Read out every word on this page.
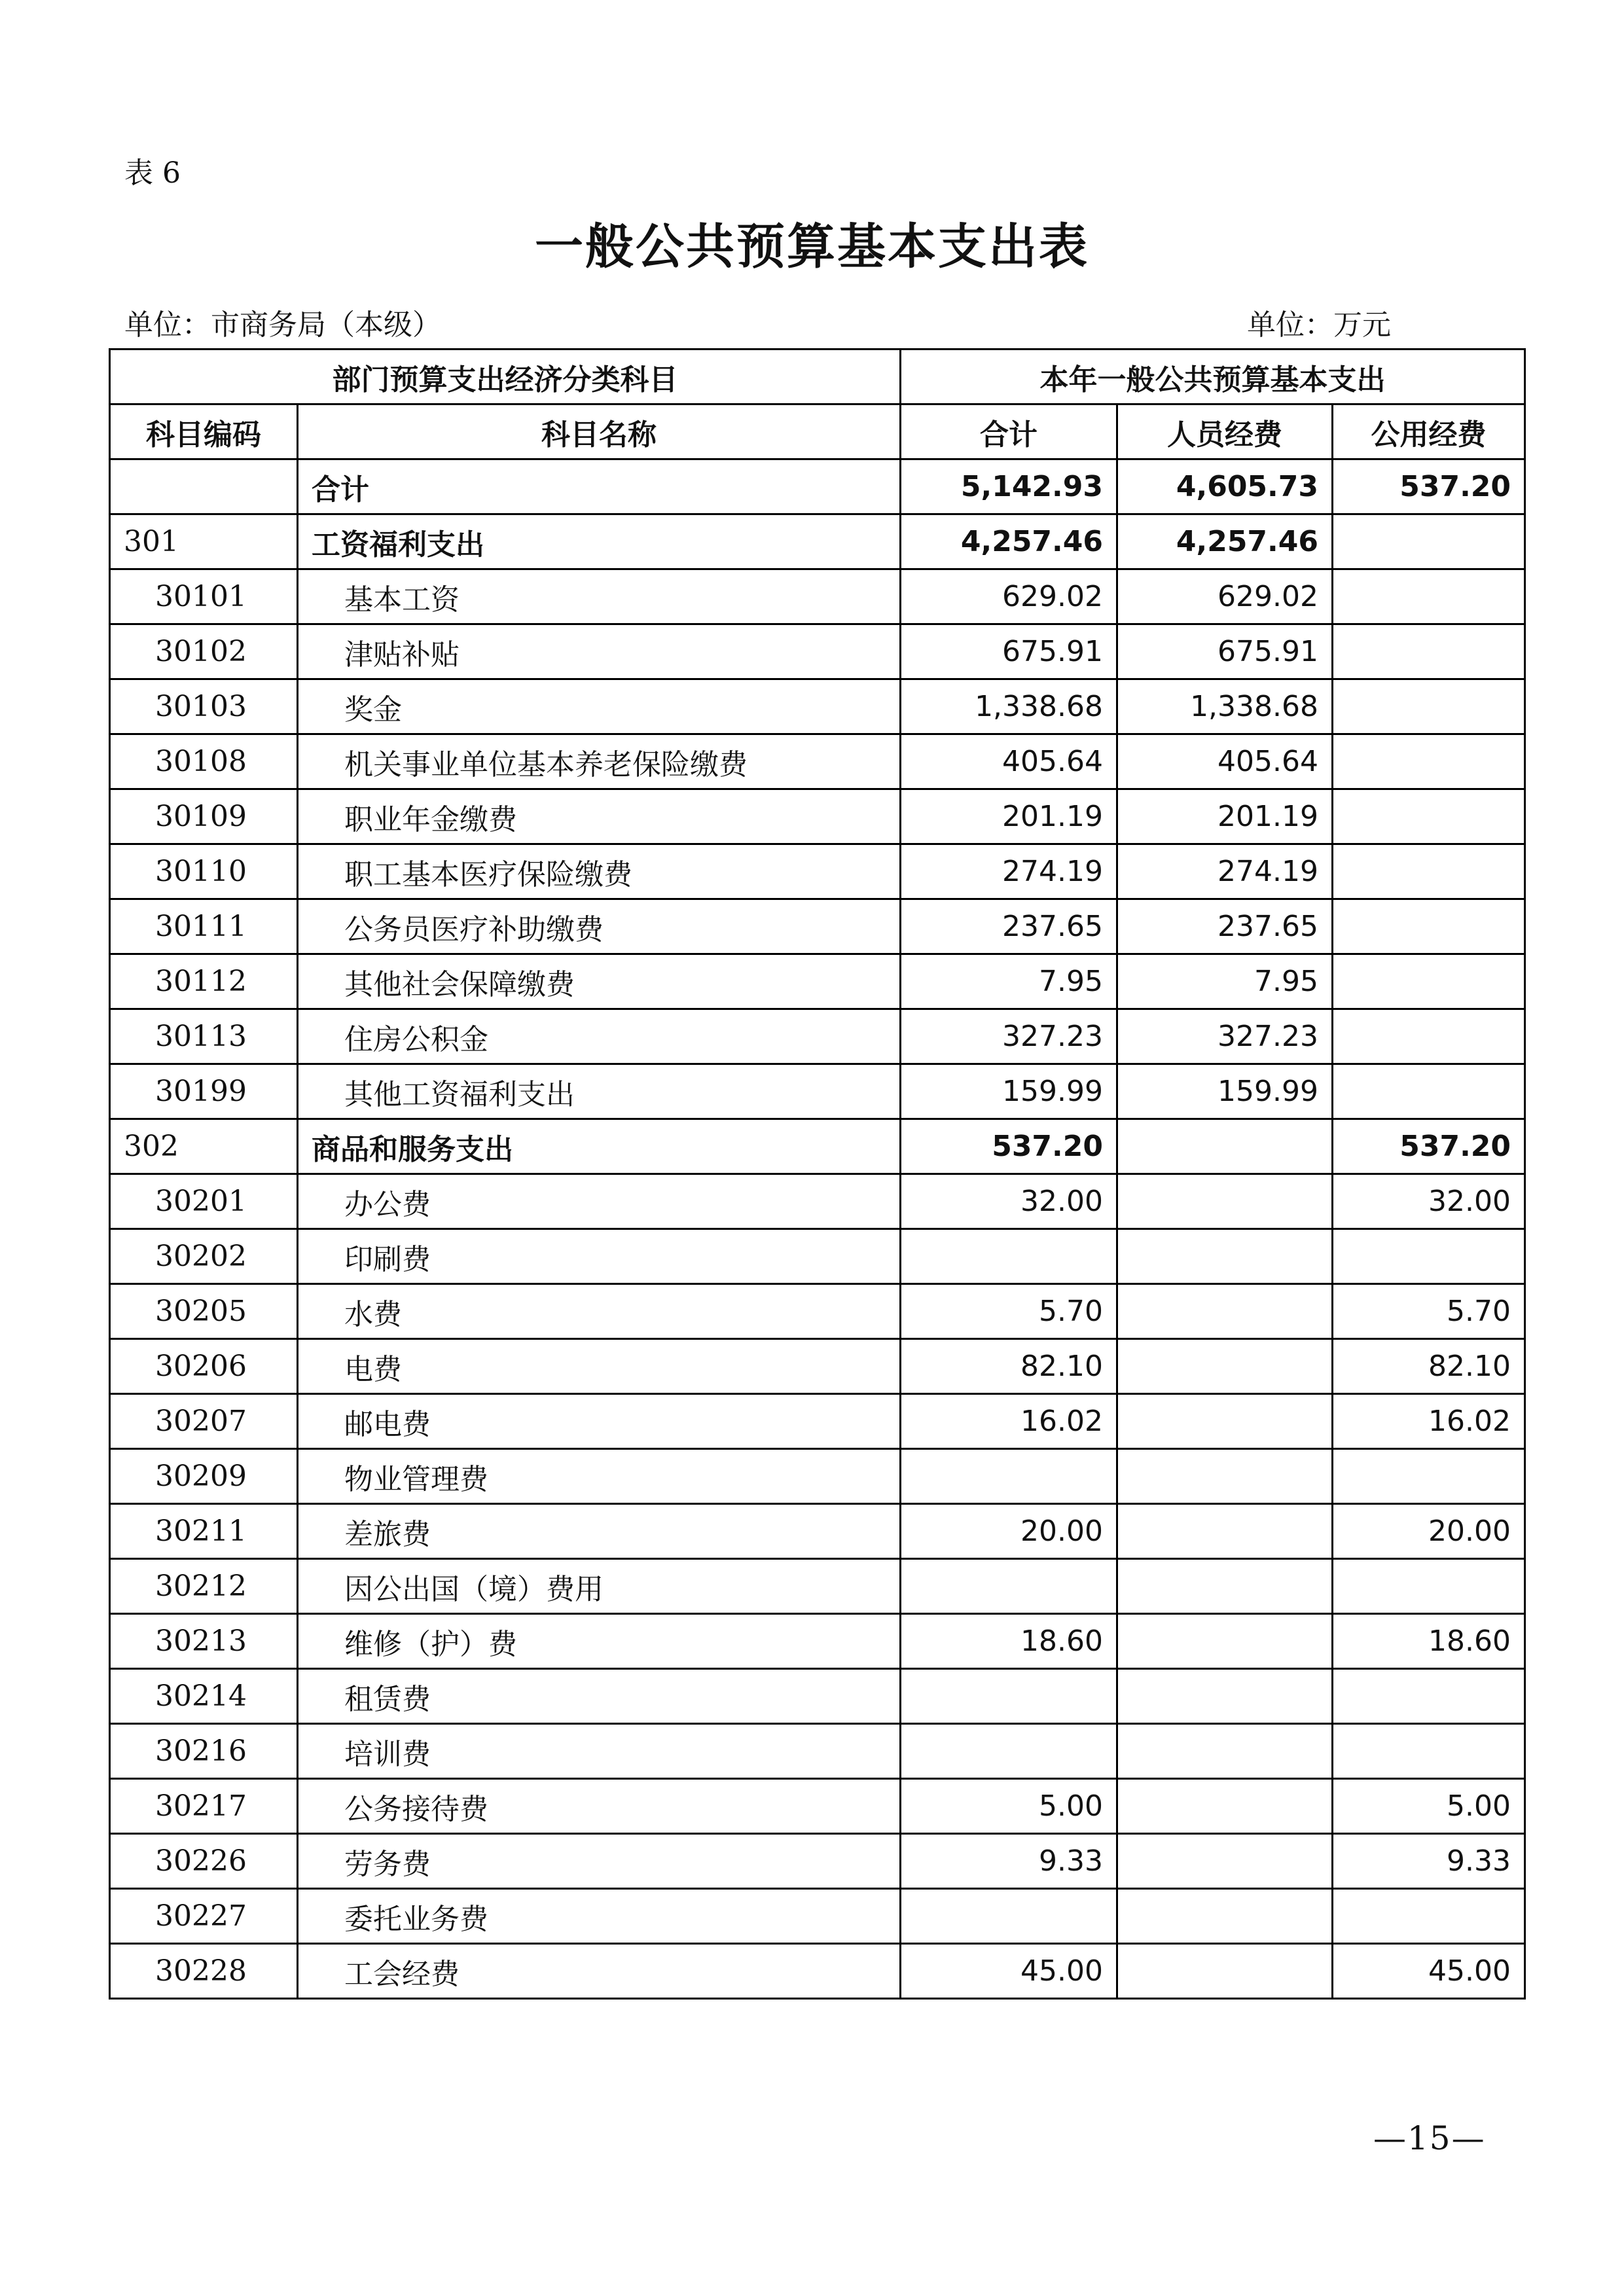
表 6
一般公共预算基本支出表
单位：市商务局（本级）	单位：万元
部门预算支出经济分类科目		本年一般公共预算基本支出		
科目编码	科目名称	合计	人员经费	公用经费
	合计	5,142.93	4,605.73	537.20
301	工资福利支出	4,257.46	4,257.46	
30101	基本工资	629.02	629.02	
30102	津贴补贴	675.91	675.91	
30103	奖金	1,338.68	1,338.68	
30108	机关事业单位基本养老保险缴费	405.64	405.64	
30109	职业年金缴费	201.19	201.19	
30110	职工基本医疗保险缴费	274.19	274.19	
30111	公务员医疗补助缴费	237.65	237.65	
30112	其他社会保障缴费	7.95	7.95	
30113	住房公积金	327.23	327.23	
30199	其他工资福利支出	159.99	159.99	
302	商品和服务支出	537.20		537.20
30201	办公费	32.00		32.00
30202	印刷费			
30205	水费	5.70		5.70
30206	电费	82.10		82.10
30207	邮电费	16.02		16.02
30209	物业管理费			
30211	差旅费	20.00		20.00
30212	因公出国（境）费用			
30213	维修（护）费	18.60		18.60
30214	租赁费			
30216	培训费			
30217	公务接待费	5.00		5.00
30226	劳务费	9.33		9.33
30227	委托业务费			
30228	工会经费	45.00		45.00
—15—
